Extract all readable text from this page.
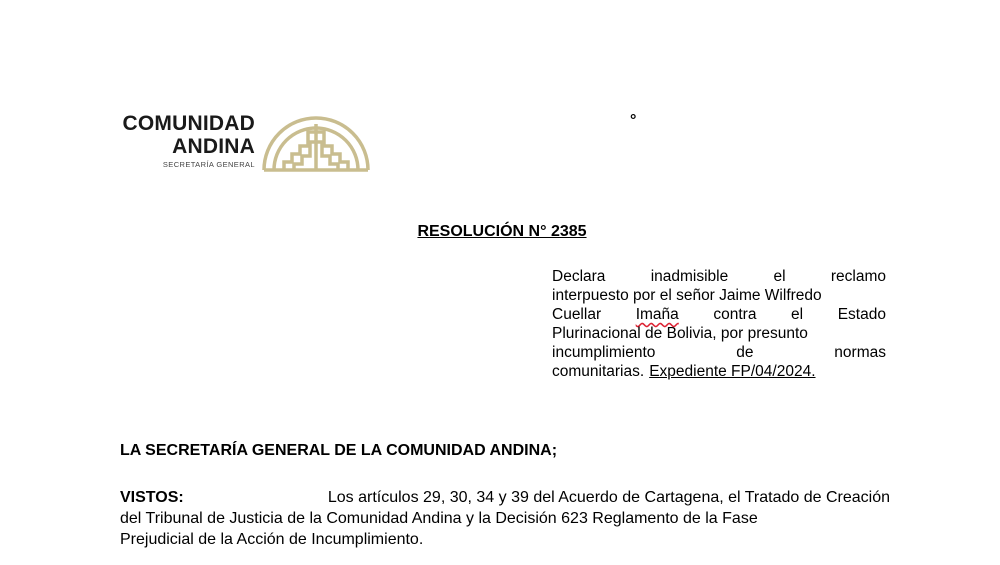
COMUNIDAD
ANDINA
SECRETARÍA GENERAL
°
RESOLUCIÓN N° 2385
Declara	inadmisible	el	reclamo
interpuesto por el señor Jaime Wilfredo
Cuellar Imaña contra el Estado
Plurinacional de Bolivia, por presunto
incumplimiento	de	normas
comunitarias. Expediente FP/04/2024.
LA SECRETARÍA GENERAL DE LA COMUNIDAD ANDINA;
VISTOS:	Los artículos 29, 30, 34 y 39 del Acuerdo de Cartagena, el Tratado de Creación
del Tribunal de Justicia de la Comunidad Andina y la Decisión 623 Reglamento de la Fase
Prejudicial de la Acción de Incumplimiento.
